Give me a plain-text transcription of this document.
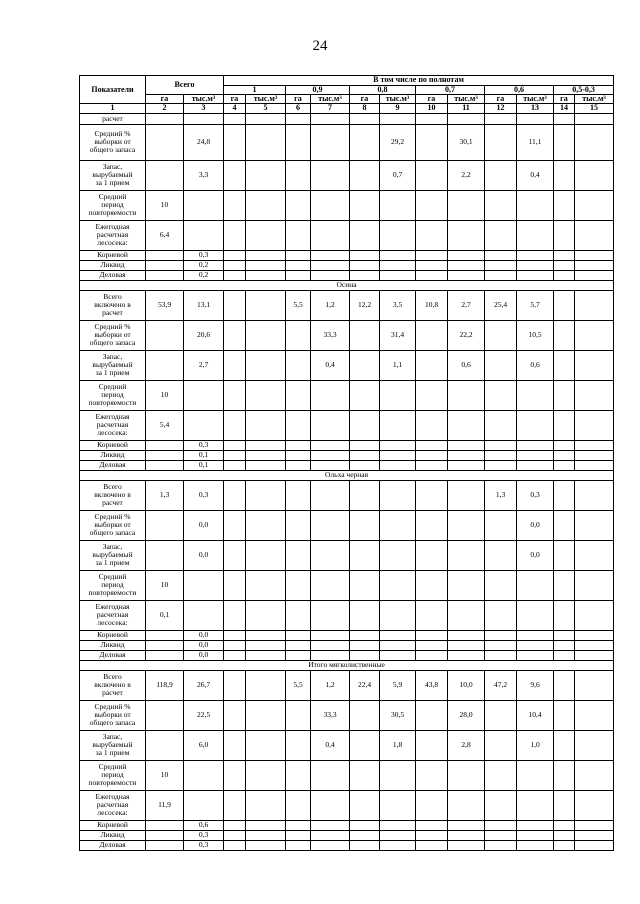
24
Показатели	Всего		В том числе по полнотам											
			1		0,9		0,8		0,7		0,6		0,5-0,3	
	га	тыс.м³	га	тыс.м³	га	тыс.м³	га	тыс.м³	га	тыс.м³	га	тыс.м³	га	тыс.м³
1	2	3	4	5	6	7	8	9	10	11	12	13	14	15
расчет														
Средний %
выборки от
общего запаса		24,8						29,2		30,1		11,1		
Запас,
вырубаемый
за 1 прием		3,3						0,7		2,2		0,4		
Средний
период
повторяемости	10													
Ежегодная
расчетная
лесосека:	6,4													
Корневой		0,3												
Ликвид		0,2												
Деловая		0,2												
Осина														
Всего
включено в
расчет	53,9	13,1			5,5	1,2	12,2	3,5	10,8	2,7	25,4	5,7		
Средний %
выборки от
общего запаса		20,6				33,3		31,4		22,2		10,5		
Запас,
вырубаемый
за 1 прием		2,7				0,4		1,1		0,6		0,6		
Средний
период
повторяемости	10													
Ежегодная
расчетная
лесосека:	5,4													
Корневой		0,3												
Ликвид		0,1												
Деловая		0,1												
Ольха черная														
Всего
включено в
расчет	1,3	0,3									1,3	0,3		
Средний %
выборки от
общего запаса		0,0										0,0		
Запас,
вырубаемый
за 1 прием		0,0										0,0		
Средний
период
повторяемости	10													
Ежегодная
расчетная
лесосека:	0,1													
Корневой		0,0												
Ликвид		0,0												
Деловая		0,0												
Итого мягколиственные														
Всего
включено в
расчет	118,9	26,7			5,5	1,2	22,4	5,9	43,8	10,0	47,2	9,6		
Средний %
выборки от
общего запаса		22,5				33,3		30,5		28,0		10,4		
Запас,
вырубаемый
за 1 прием		6,0				0,4		1,8		2,8		1,0		
Средний
период
повторяемости	10													
Ежегодная
расчетная
лесосека:	11,9													
Корневой		0,6												
Ликвид		0,3												
Деловая		0,3												
